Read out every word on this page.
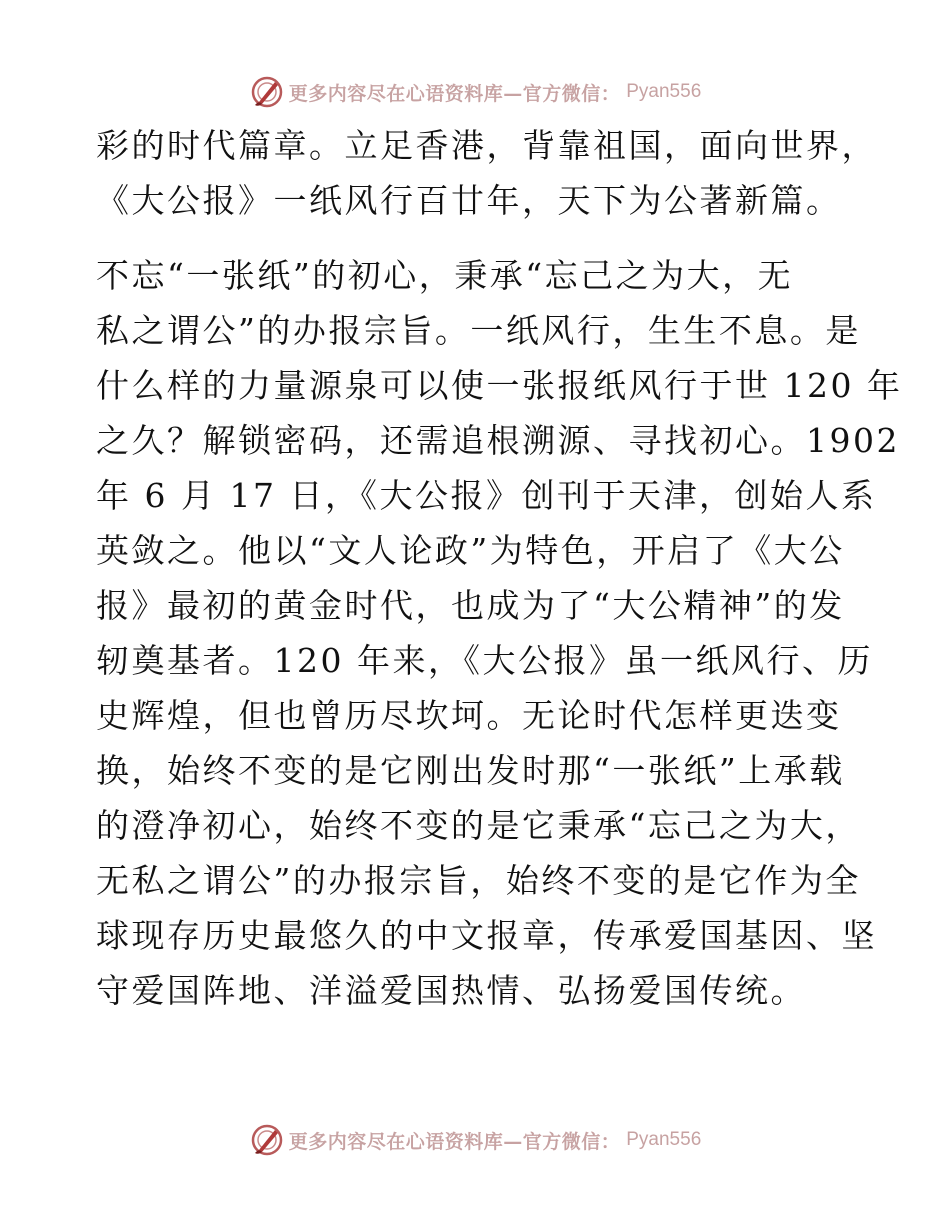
更多内容尽在心语资料库—官方微信： Pyan556
彩的时代篇章。立足香港，背靠祖国，面向世界，
《大公报》一纸风行百廿年，天下为公著新篇。
不忘“一张纸”的初心，秉承“忘己之为大，无
私之谓公”的办报宗旨。一纸风行，生生不息。是
什么样的力量源泉可以使一张报纸风行于世 120 年
之久？解锁密码，还需追根溯源、寻找初心。1902
年 6 月 17 日，《大公报》创刊于天津，创始人系
英敛之。他以“文人论政”为特色，开启了《大公
报》最初的黄金时代，也成为了“大公精神”的发
轫奠基者。120 年来，《大公报》虽一纸风行、历
史辉煌，但也曾历尽坎坷。无论时代怎样更迭变
换，始终不变的是它刚出发时那“一张纸”上承载
的澄净初心，始终不变的是它秉承“忘己之为大，
无私之谓公”的办报宗旨，始终不变的是它作为全
球现存历史最悠久的中文报章，传承爱国基因、坚
守爱国阵地、洋溢爱国热情、弘扬爱国传统。
更多内容尽在心语资料库—官方微信： Pyan556
